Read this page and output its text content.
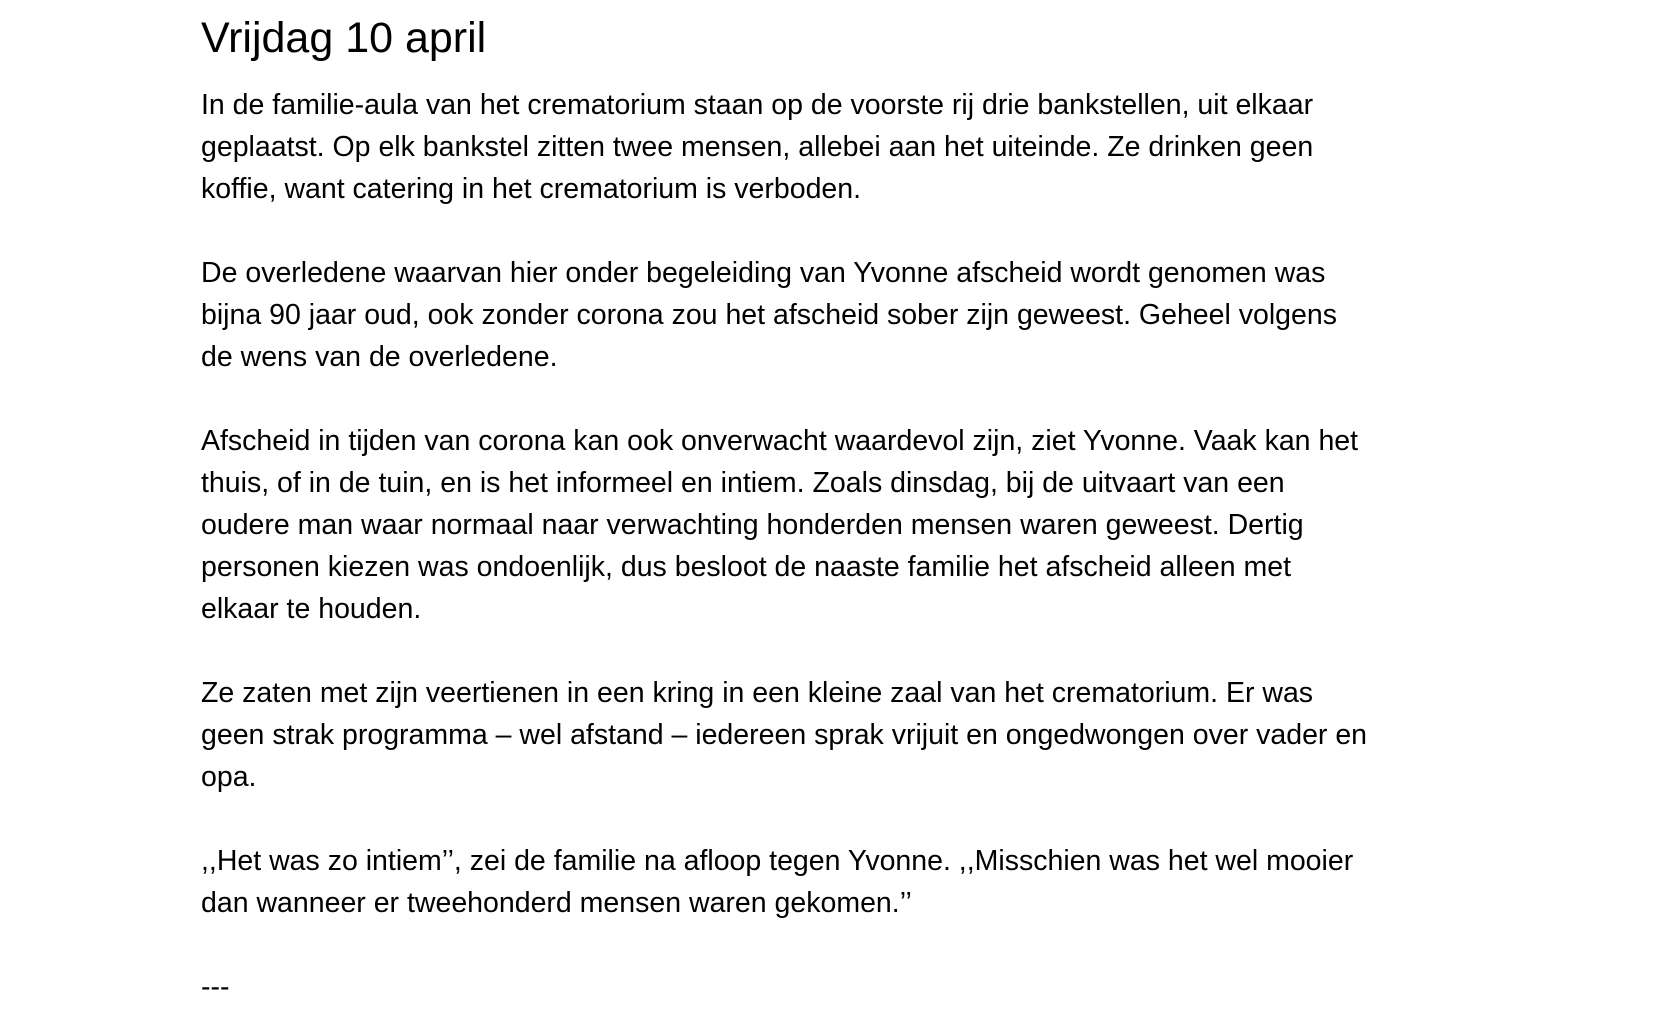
Vrijdag 10 april

In de familie-aula van het crematorium staan op de voorste rij drie bankstellen, uit elkaar
geplaatst. Op elk bankstel zitten twee mensen, allebei aan het uiteinde. Ze drinken geen
koffie, want catering in het crematorium is verboden.

De overledene waarvan hier onder begeleiding van Yvonne afscheid wordt genomen was
bijna 90 jaar oud, ook zonder corona zou het afscheid sober zijn geweest. Geheel volgens
de wens van de overledene.

Afscheid in tijden van corona kan ook onverwacht waardevol zijn, ziet Yvonne. Vaak kan het
thuis, of in de tuin, en is het informeel en intiem. Zoals dinsdag, bij de uitvaart van een
oudere man waar normaal naar verwachting honderden mensen waren geweest. Dertig
personen kiezen was ondoenlijk, dus besloot de naaste familie het afscheid alleen met
elkaar te houden.

Ze zaten met zijn veertienen in een kring in een kleine zaal van het crematorium. Er was
geen strak programma – wel afstand – iedereen sprak vrijuit en ongedwongen over vader en
opa.

,,Het was zo intiem’’, zei de familie na afloop tegen Yvonne. ,,Misschien was het wel mooier
dan wanneer er tweehonderd mensen waren gekomen.’’

---
